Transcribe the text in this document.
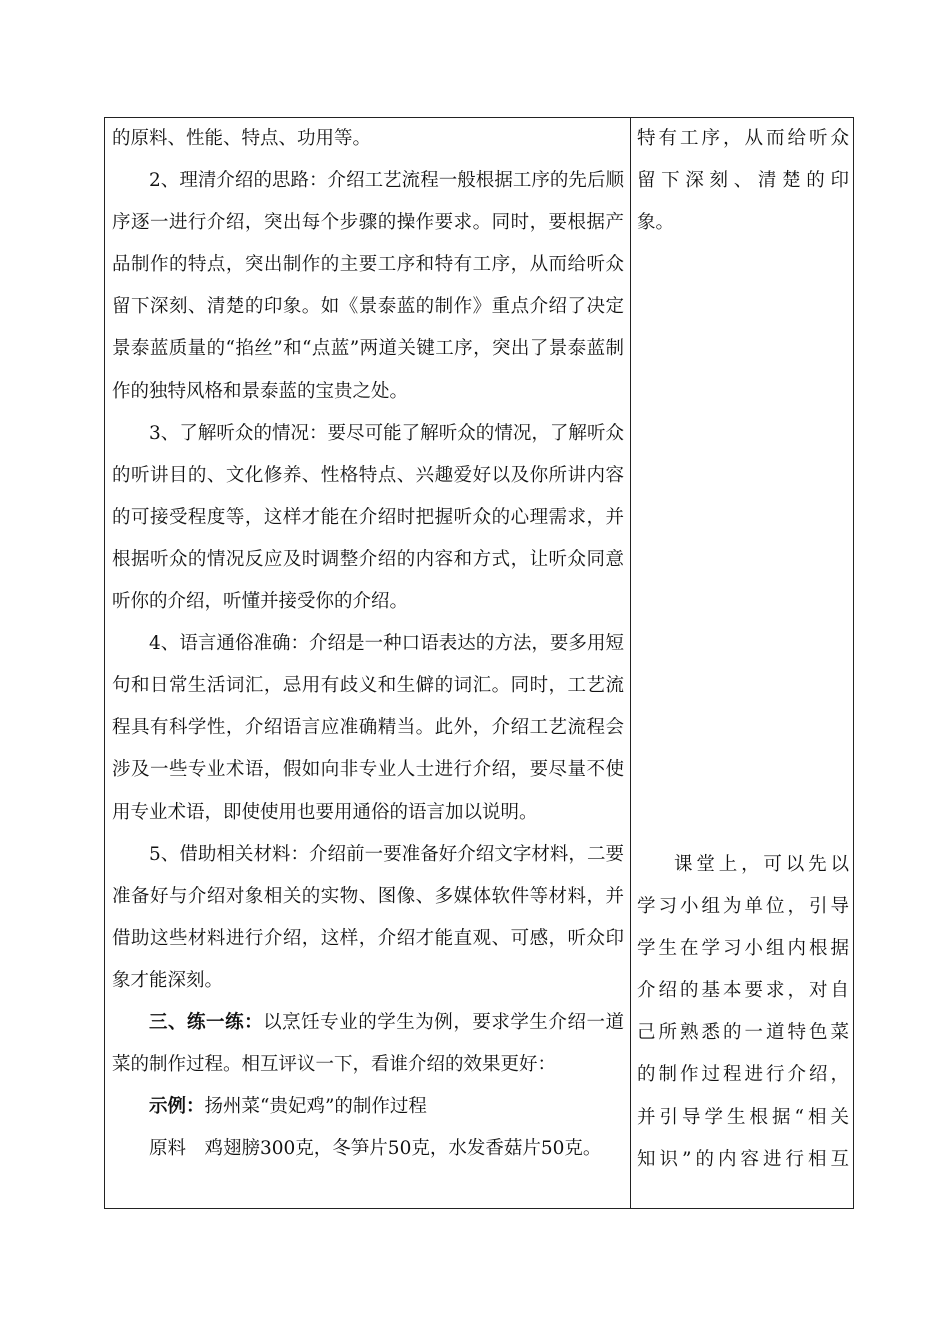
的原料、性能、特点、功用等。

2、理清介绍的思路：介绍工艺流程一般根据工序的先后顺序逐一进行介绍，突出每个步骤的操作要求。同时，要根据产品制作的特点，突出制作的主要工序和特有工序，从而给听众留下深刻、清楚的印象。如《景泰蓝的制作》重点介绍了决定景泰蓝质量的“掐丝”和“点蓝”两道关键工序，突出了景泰蓝制作的独特风格和景泰蓝的宝贵之处。

3、了解听众的情况：要尽可能了解听众的情况，了解听众的听讲目的、文化修养、性格特点、兴趣爱好以及你所讲内容的可接受程度等，这样才能在介绍时把握听众的心理需求，并根据听众的情况反应及时调整介绍的内容和方式，让听众同意听你的介绍，听懂并接受你的介绍。

4、语言通俗准确：介绍是一种口语表达的方法，要多用短句和日常生活词汇，忌用有歧义和生僻的词汇。同时，工艺流程具有科学性，介绍语言应准确精当。此外，介绍工艺流程会涉及一些专业术语，假如向非专业人士进行介绍，要尽量不使用专业术语，即使使用也要用通俗的语言加以说明。

5、借助相关材料：介绍前一要准备好介绍文字材料，二要准备好与介绍对象相关的实物、图像、多媒体软件等材料，并借助这些材料进行介绍，这样，介绍才能直观、可感，听众印象才能深刻。

三、练一练：以烹饪专业的学生为例，要求学生介绍一道菜的制作过程。相互评议一下，看谁介绍的效果更好：

示例：扬州菜“贵妃鸡”的制作过程

原料　鸡翅膀300克，冬笋片50克，水发香菇片50克。

特有工序，从而给听众
留下深刻、清楚的印
象。
课堂上，可以先以
学习小组为单位，引导
学生在学习小组内根据
介绍的基本要求，对自
己所熟悉的一道特色菜
的制作过程进行介绍，
并引导学生根据“相关
知识”的内容进行相互
